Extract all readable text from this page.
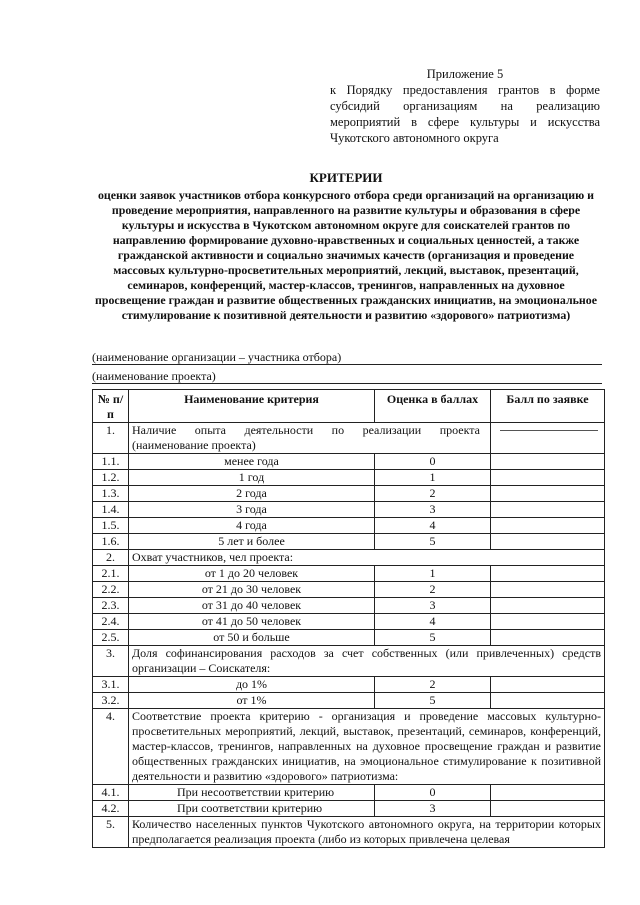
Приложение 5
к Порядку предоставления грантов в форме субсидий организациям на реализацию мероприятий в сфере культуры и искусства Чукотского автономного округа
КРИТЕРИИ
оценки заявок участников отбора конкурсного отбора среди организаций на организацию и проведение мероприятия, направленного на развитие культуры и образования в сфере культуры и искусства в Чукотском автономном округе для соискателей грантов по направлению формирование духовно-нравственных и социальных ценностей, а также гражданской активности и социально значимых качеств (организация и проведение массовых культурно-просветительных мероприятий, лекций, выставок, презентаций, семинаров, конференций, мастер-классов, тренингов, направленных на духовное просвещение граждан и развитие общественных гражданских инициатив, на эмоциональное стимулирование к позитивной деятельности и развитию «здорового» патриотизма)
(наименование организации – участника отбора)
(наименование проекта)
№ п/п	Наименование критерия	Оценка в баллах	Балл по заявке
1.	Наличие опыта деятельности по реализации проекта (наименование проекта)		

1.1.	менее года	0	
1.2.	1 год	1	
1.3.	2 года	2	
1.4.	3 года	3	
1.5.	4 года	4	
1.6.	5 лет и более	5	
2.	Охват участников, чел проекта:		
2.1.	от 1 до 20 человек	1	
2.2.	от 21 до 30 человек	2	
2.3.	от 31 до 40 человек	3	
2.4.	от 41 до 50 человек	4	
2.5.	от 50 и больше	5	
3.	Доля софинансирования расходов за счет собственных (или привлеченных) средств организации – Соискателя:		
3.1.	до 1%	2	
3.2.	от 1%	5	
4.	Соответствие проекта критерию - организация и проведение массовых культурно-просветительных мероприятий, лекций, выставок, презентаций, семинаров, конференций, мастер-классов, тренингов, направленных на духовное просвещение граждан и развитие общественных гражданских инициатив, на эмоциональное стимулирование к позитивной деятельности и развитию «здорового» патриотизма:		
4.1.	При несоответствии критерию	0	
4.2.	При соответствии критерию	3	
5.	Количество населенных пунктов Чукотского автономного округа, на территории которых предполагается реализация проекта (либо из которых привлечена целевая		
